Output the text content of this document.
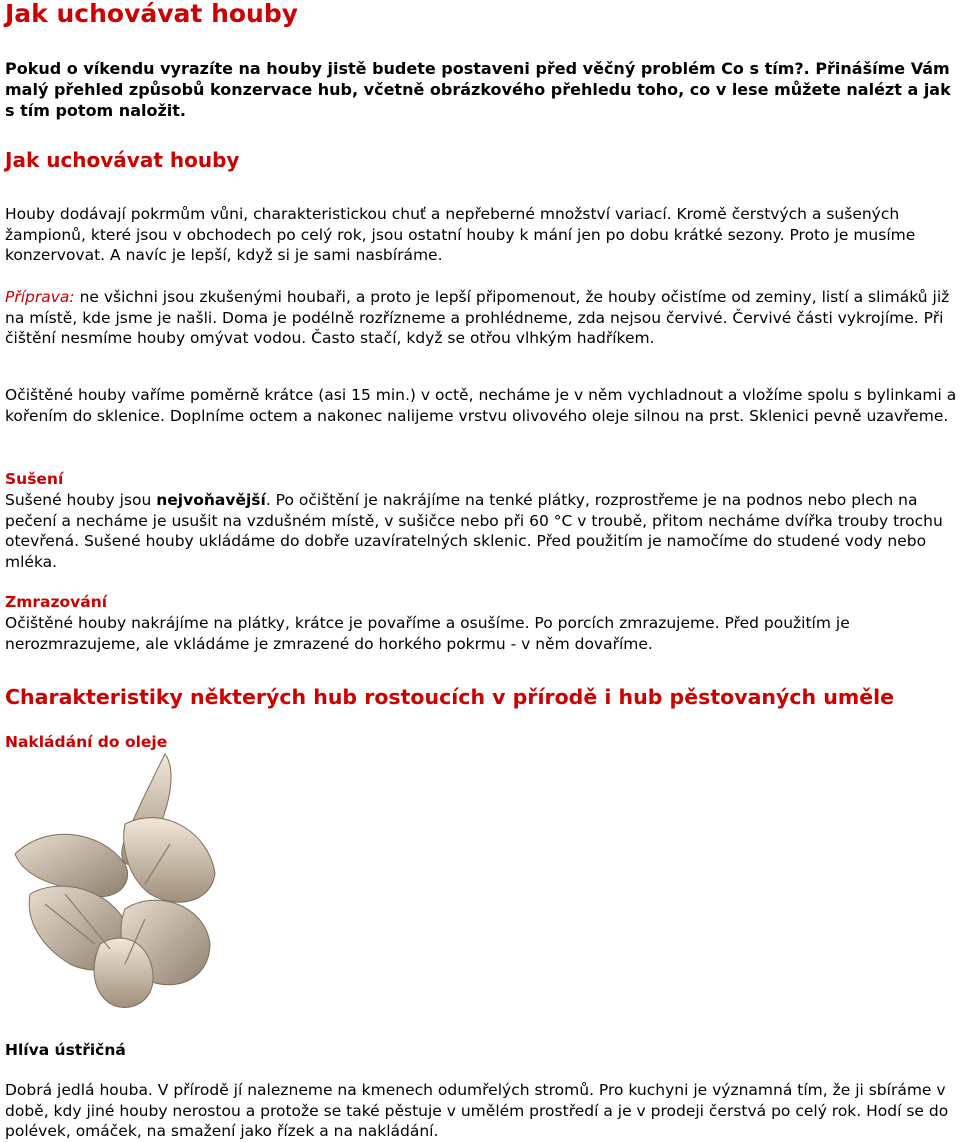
Jak uchovávat houby

Pokud o víkendu vyrazíte na houby jistě budete postaveni před věčný problém Co s tím?. Přinášíme Vám malý přehled způsobů konzervace hub, včetně obrázkového přehledu toho, co v lese můžete nalézt a jak s tím potom naložit.

Jak uchovávat houby

Houby dodávají pokrmům vůni, charakteristickou chuť a nepřeberné množství variací. Kromě čerstvých a sušených žampionů, které jsou v obchodech po celý rok, jsou ostatní houby k mání jen po dobu krátké sezony. Proto je musíme konzervovat. A navíc je lepší, když si je sami nasbíráme.

Příprava: ne všichni jsou zkušenými houbaři, a proto je lepší připomenout, že houby očistíme od zeminy, listí a slimáků již na místě, kde jsme je našli. Doma je podélně rozřízneme a prohlédneme, zda nejsou červivé. Červivé části vykrojíme. Při čištění nesmíme houby omývat vodou. Často stačí, když se otřou vlhkým hadříkem.

Nakládání do oleje

Očištěné houby vaříme poměrně krátce (asi 15 min.) v octě, necháme je v něm vychladnout a vložíme spolu s bylinkami a kořením do sklenice. Doplníme octem a nakonec nalijeme vrstvu olivového oleje silnou na prst. Sklenici pevně uzavřeme.

Sušení

Sušené houby jsou nejvoňavější. Po očištění je nakrájíme na tenké plátky, rozprostřeme je na podnos nebo plech na pečení a necháme je usušit na vzdušném místě, v sušičce nebo při 60 °C v troubě, přitom necháme dvířka trouby trochu otevřená. Sušené houby ukládáme do dobře uzavíratelných sklenic. Před použitím je namočíme do studené vody nebo mléka.

Zmrazování

Očištěné houby nakrájíme na plátky, krátce je povaříme a osušíme. Po porcích zmrazujeme. Před použitím je nerozmrazujeme, ale vkládáme je zmrazené do horkého pokrmu - v něm dovaříme.

Charakteristiky některých hub rostoucích v přírodě i hub pěstovaných uměle

Hlíva ústřičná

Dobrá jedlá houba. V přírodě jí nalezneme na kmenech odumřelých stromů. Pro kuchyni je významná tím, že ji sbíráme v době, kdy jiné houby nerostou a protože se také pěstuje v umělém prostředí a je v prodeji čerstvá po celý rok. Hodí se do polévek, omáček, na smažení jako řízek a na nakládání.
